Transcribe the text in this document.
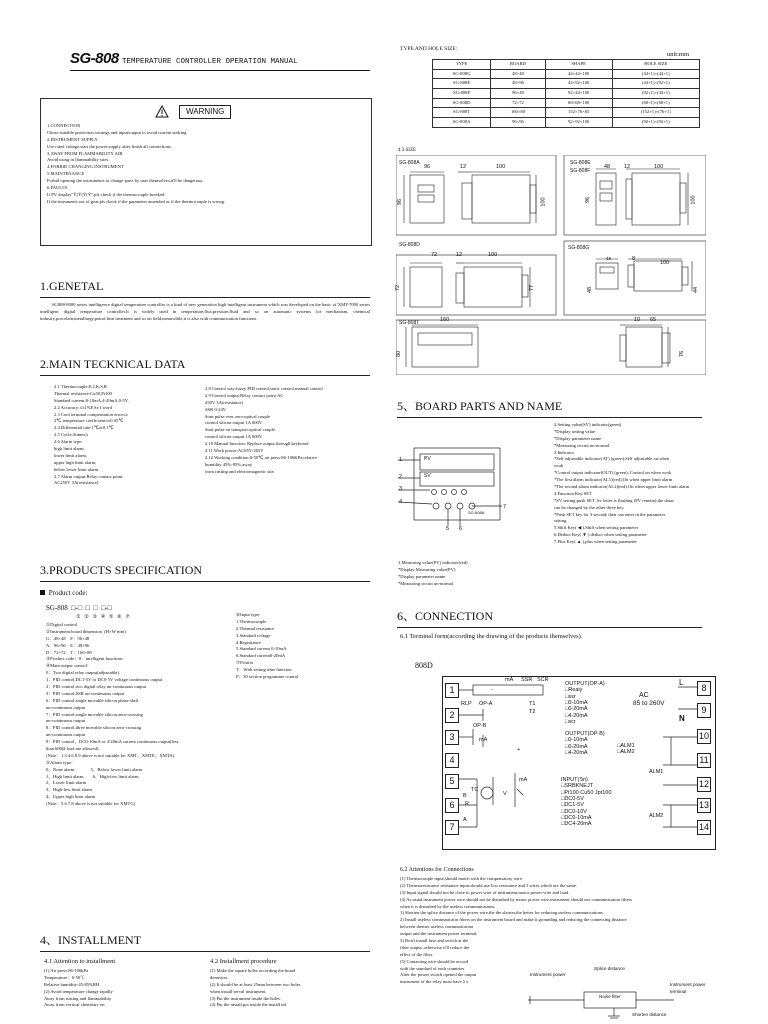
SG-808 TEMPERATURE CONTROLLER OPERATION MANUAL
WARNING
1.CONNECTION
Chose suitable protection wirungs and input/output to avoid current striking
2.INSTRUMENT SUPPLY
Use rated voltage,start the power,supply after finish all connections.
3.AWAY FROM FLAMMABILITY AIR
Avoid using in flammability sites
4.FORBID CHANGING INSTRUMENT
5.MAINTENANCE
Forbid opening the instruments to change parts by user themselves,it'll be dangerous.
6.FAULTS
If PV display"Ȳ(Ȳ(Ȳ(Ȳ",pls check if the thermocouple breaked
If the intruments out of gear,pls check if the parameter amended or if the thermocouple is wrong.
1.GENETAL
SG808-8000 series intelligence digital temperature controller is a kind of new generation high intelligent instrument which was developed on the basic of XMT-7000 series intelligent digital temperature controller.It is widely used in temperature,flux,pressure,fluid and so on automatic systems for mechanism, chemical industry,porcelain,metallurgy,petrol,heat treatment and so on field,meanwhile,it is also with communication functions.
2.MAIN TECKNICAL DATA
2.1 Thermocouple:E,J,K,S,R
Thermal resistance:Cu50,Pt100
Standard current:0-10mA,4-20mA,0-5V,
2.2 Accuracy:≤±1%F.S±1 word
2.3 Cool terminal compensation error≤±
2℃,temperature coefficient≤±0.05℃
2.4 Differential rate:1℃or0.1℃
2.5 Cycle:3times/s
2.6 Alarm type:
high limit alarm,
lower limit alarm,
upper high limit alarm,
below lower limit alarm
2.7 Alarm output:Relay contact point:
AC250V 3A(resistance)
2.8 Control way:fuzzy PID control,static control,manual control
2.9 Control output:Relay contact point:AC
250V 3A(resistance)
SSR 0-24V
Start pulse over zero:optical couple
control silicon output 1A 600V
Start pulse on transport:optical couple
control silicon output 1A 600V
2.10 Manual function: Replace output through keyboard
2.11 Work power:AC85V-265V
2.12 Working condition:0-50℃,air press:86-106KPa,relative
humidity 45%-85%,away
from rusting and electromagnetic site.
3.PRODUCTS SPECIFICATION
Product code:
SG-808  □-□  □  □  □-□
①   ②   ③   ④   ⑤   ⑥   ⑦
①Digital control
②Instrument board dimension  (H×W mm)
G：48×48    F：96×48
A：96×96    E：48×96
D：72×72    T：160×80
③Product code：8：intelligent functions
④Main output control：
0：Two digital relay output(adjustable).
1：PID control,DC1-5V or DC0-5V voltage continuous output
2：PID control,two digital relay un-continuous output
3：PID control,SSR un-continuous output
6：PID control,single movable silicon phase-shift
un-continuous output
7：PID control,single movable silicon zero-crossing
un-continuous output
8：PID control,three movable silicon zero-crossing
un-continuous output
9：PID control，DC0-10mA or 4-20mA current continuous output(less
than 600Ω load are allowed).
(Note：1.3.4.6.8.9 above is not suitable for XMT、XMTE、XMTA)．
⑤Alarm type：
0、None alarm              5、Below lower limit alarm
1、High limit alarm        6、High-low limit alarm
2、Lower limit alarm
3、High-low limit alarm
4、Upper high limit alarm
(Note：5.6.7.8 above is not suitable for XMTG)
⑥Input type:
1.Thermocouple
2.Thermal resistance
3.Standard voltage
4.Regisitance
5.Standard current 0-10mA
6.Standard current0-20mA
⑦Postfix
T：With setting time function
P：30 section programme control
4、INSTALLMENT
4.1 Attention to installment
(1) Air press:86-106kPa
Temperature：0-50℃
Relative humidity:45-85%RH
(2) Avoid temperature change rapidly
Away from rusting and flammability
Away from vertical chemistry etc
4.2 Installment procedure
(1) Make the square holes according the board
demision.
(2) It should be at least 25mm between two holes
when install serval instrument.
(3) Put the instrument inside the holes.
(4) Put the install pot inside the install nil.
TYPE AND HOLE SIZE:
unit:mm
TYPE	BOARD	SHAPE	HOLE SIZE
SG-808G	48×48	44×44×100	(44+1)×(44+1)
SG-808E	48×96	44×92×100	(44+1)×(92+1)
SG-808F	96×48	92×44×100	(92+1)×(44+1)
SG-808D	72×72	68×68×100	(68+1)×(68+1)
SG-808T	160×80	152×76×65	(152+1)×(76+1)
SG-808A	96×96	92×92×100	(92+1)×(92+1)
4.3 SIZE
SG-808A
96	12	100
96	100
SG-808E
SG-808F
48	12	100
96	100
SG-808D
72	12	100
72	77
SG-808G
48	8
100
48	44
SG-808T	160	10 65
80	76
5、BOARD PARTS AND NAME
PV
SV
SG-808A
1
2
3
4
5 6
7
1.Measuring value(PV) indicator(red)
*Display Measuring value(PV)
*Display parameter name
*Measuring circuit un-normal
2.Setting value(SV) indicator(green)
*Display setting value
*Display parameter name
*Measuring circuit un-normal
3.Indicator
*Self adjustable indicator(AT) (green),Self adjustable on when
work
*Control output indicator(OUT) (green), Control on when work
*The first alarm indicator(AL1)(red),On when upper limit alarm
*The second alarm indicator(AL2)(red),On when upper lower limit alarm
4.Function Key SET
*SV setting:push SET ,Sv letter is flashing (PV remain),the datas
can be changed by the other three key.
*Push SET key for 3 second, then can enter in the parameter
setting
5.Shift Key( ◀ ),Shift when setting parameter
6.Deduct Key( ▼ ),deduct when setting parameter
7.Plus Key( ▲ ),plus when setting parameter
6、CONNECTION
6.1 Terminal form(according the drawing of the products themselves).
808D
1
2
3
4
5
6
7
8
9
10
11
12
13
14
mA SSR SCR
RLP OP-A	T1
T2
OP-B
mA
+
-
TC
V
mA
R
A
B
AC
85 to 260V
L
N
ALM1
ALM2
OUTPUT(OP-A)
□Reaiy
□ssr
□0-10mA
□0-20mA
□4-20mA
□scr
OUTPUT(OP-B)
□0-10mA
□0-20mA
□4-20mA
□ALM1
□ALM2
INPUT(Sn)
□SRBKNEJT
□Pt100 Cu50 Jpt100
□DC0-5V
□DC1-5V
□DC0-10V
□DC0-10mA
□DC4-20mA
6.2 Attentions for Connections
(1) Thermocouple input,should match with the compensatory wire.
(2) Thermoresisrance resistance input,should use low resistance and 3 wires which are the same.
(3) Input signal should not be close to power wire of instrument,motor power wire and load.
(4) As usual,instrument power wire should not be disturbed by motor power wire.instrument should use communication filters
when it is disturbed by the useless communications.
1) Shorten the splice distance of the power wire,the the shorter,the better for reducing useless communications.
2) Install useless communicatin filters on the instrument board and make it grounding and reducing the connecting distance
between themes useless communication
output and the instrument power terminal.
3) Don't install fuse and switch at the
filter output ,otherwise it'll reduce the
effect of the filter.
(5) Contacting wire should be accord
with the standard of each countries.
After the power switch opened the output
instrument of the relay must have 5 s
Instrument power
Splice distance
Noise filter
Instrument power terminal
Shorten distance
